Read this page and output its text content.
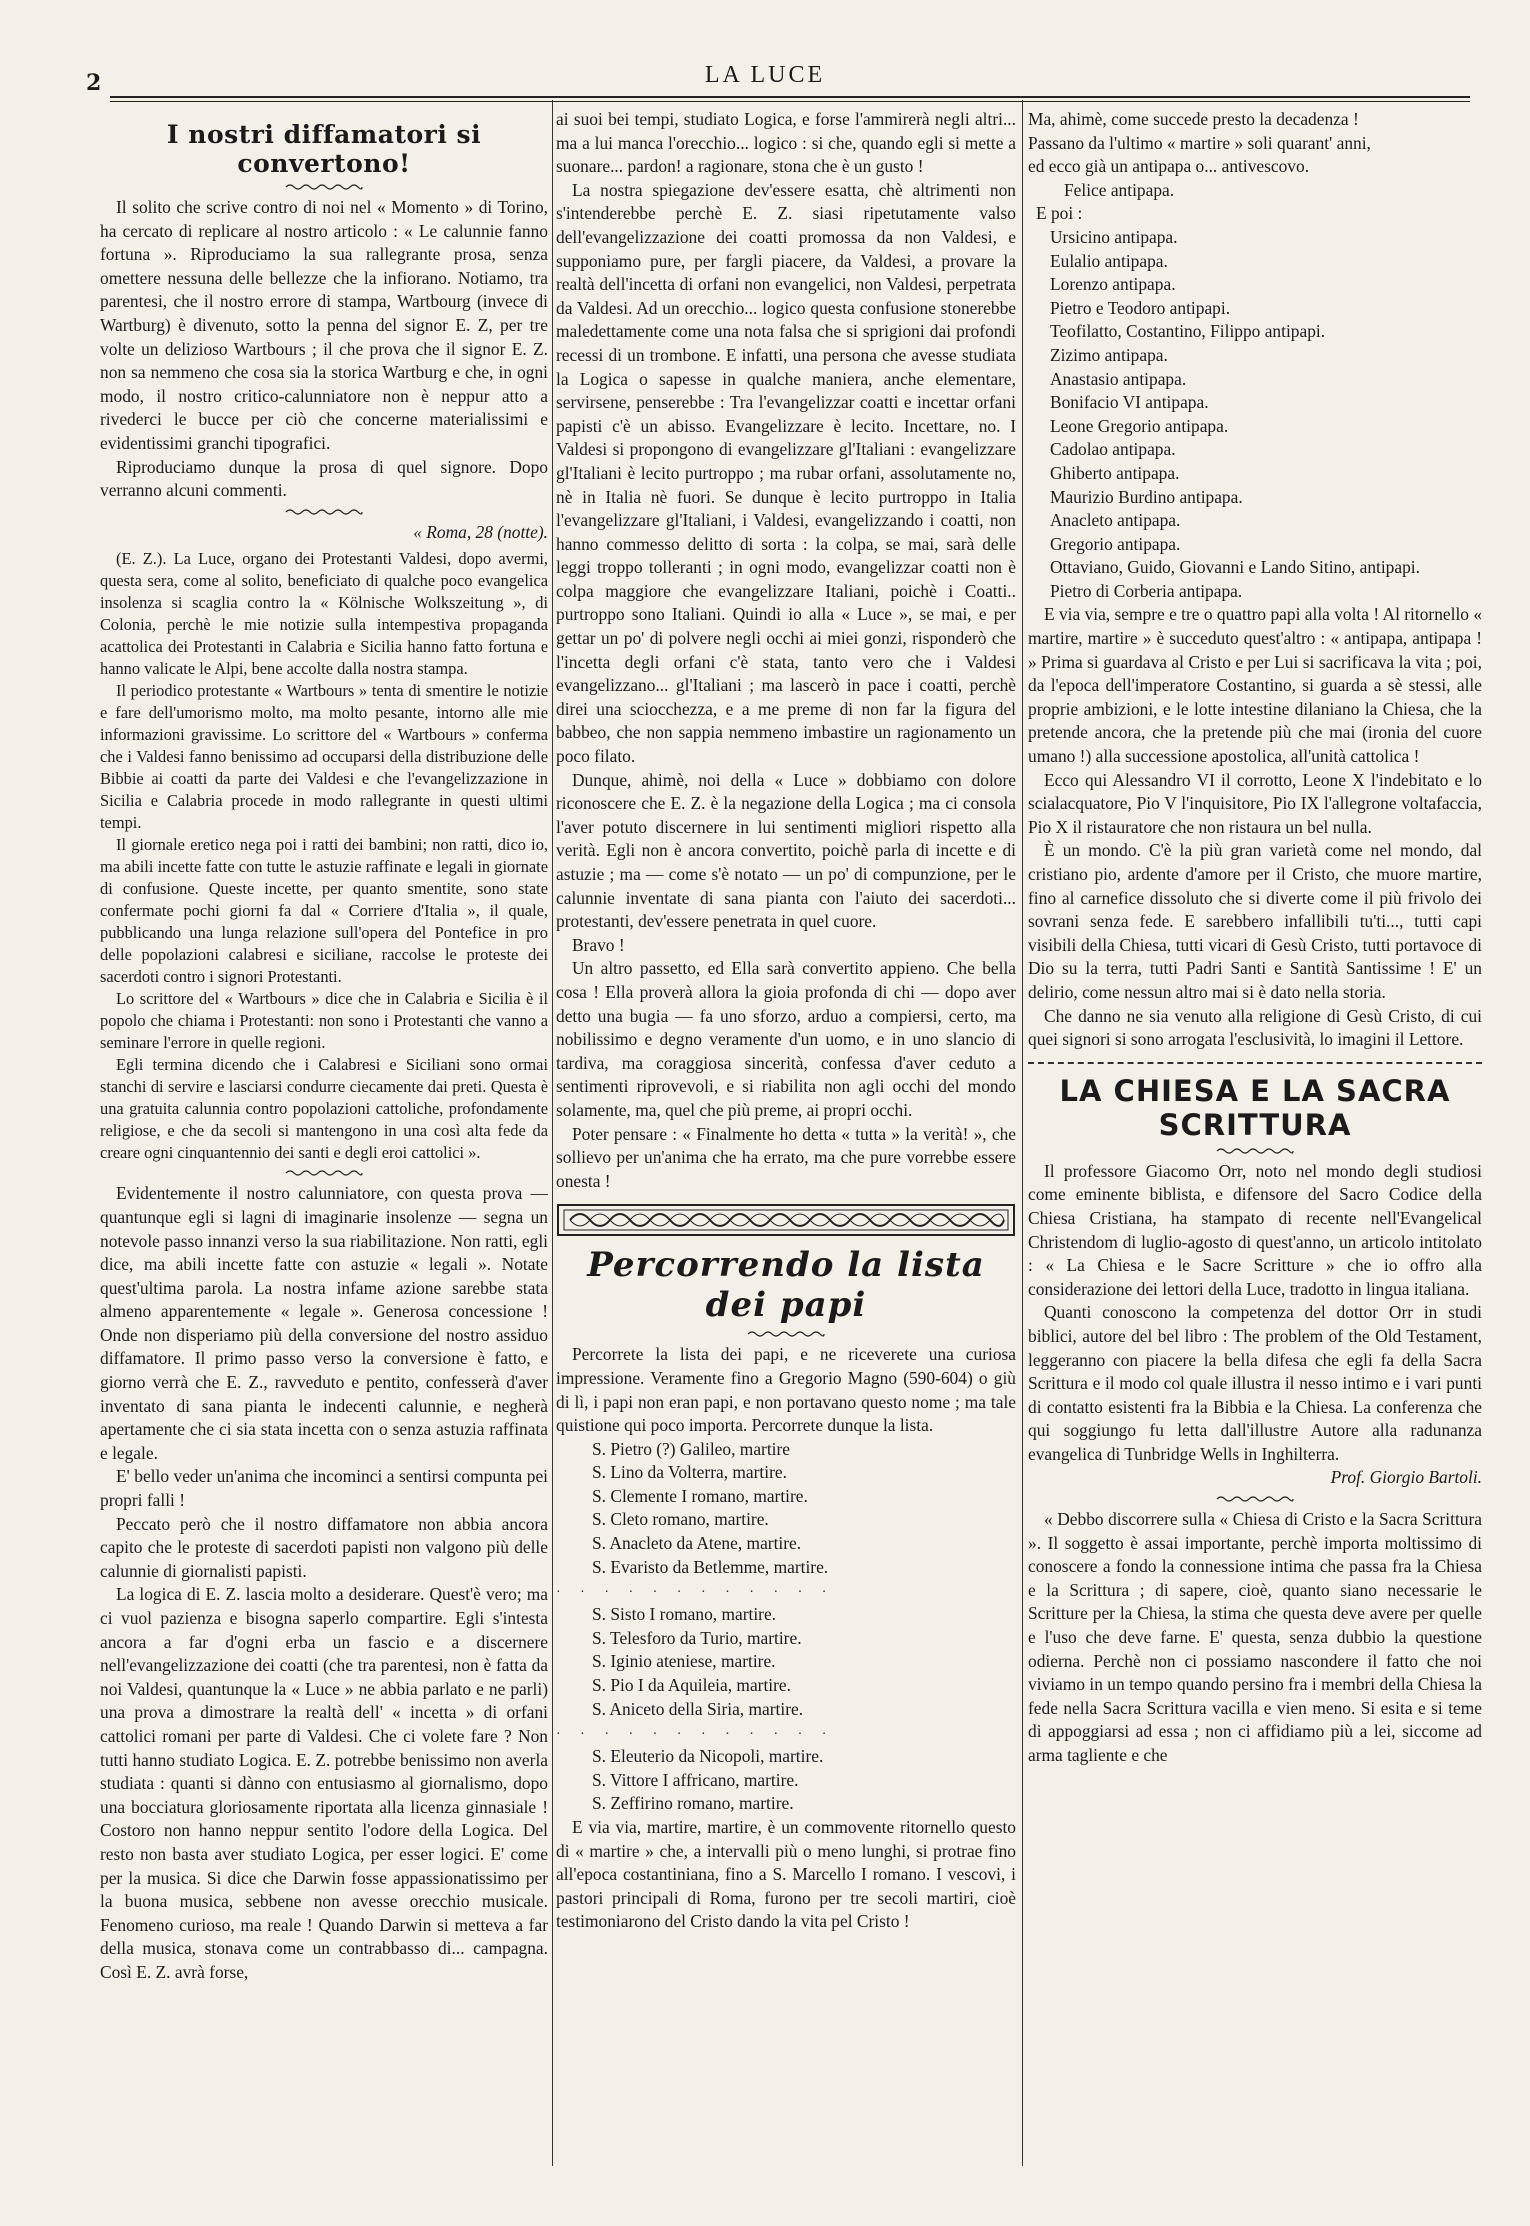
2	LA LUCE
I nostri diffamatori si convertono!

Il solito che scrive contro di noi nel « Momento » di Torino, ha cercato di replicare al nostro articolo : « Le calunnie fanno fortuna ». Riproduciamo la sua rallegrante prosa, senza omettere nessuna delle bellezze che la infiorano. Notiamo, tra parentesi, che il nostro errore di stampa, Wartbourg (invece di Wartburg) è divenuto, sotto la penna del signor E. Z, per tre volte un delizioso Wartbours ; il che prova che il signor E. Z. non sa nemmeno che cosa sia la storica Wartburg e che, in ogni modo, il nostro critico-calunniatore non è neppur atto a rivederci le bucce per ciò che concerne materialissimi e evidentissimi granchi tipografici.

Riproduciamo dunque la prosa di quel signore. Dopo verranno alcuni commenti.

« Roma, 28 (notte).

(E. Z.). La Luce, organo dei Protestanti Valdesi, dopo avermi, questa sera, come al solito, beneficiato di qualche poco evangelica insolenza si scaglia contro la « Kölnische Wolkszeitung », di Colonia, perchè le mie notizie sulla intempestiva propaganda acattolica dei Protestanti in Calabria e Sicilia hanno fatto fortuna e hanno valicate le Alpi, bene accolte dalla nostra stampa.

Il periodico protestante « Wartbours » tenta di smentire le notizie e fare dell'umorismo molto, ma molto pesante, intorno alle mie informazioni gravissime. Lo scrittore del « Wartbours » conferma che i Valdesi fanno benissimo ad occuparsi della distribuzione delle Bibbie ai coatti da parte dei Valdesi e che l'evangelizzazione in Sicilia e Calabria procede in modo rallegrante in questi ultimi tempi.

Il giornale eretico nega poi i ratti dei bambini; non ratti, dico io, ma abili incette fatte con tutte le astuzie raffinate e legali in giornate di confusione. Queste incette, per quanto smentite, sono state confermate pochi giorni fa dal « Corriere d'Italia », il quale, pubblicando una lunga relazione sull'opera del Pontefice in pro delle popolazioni calabresi e siciliane, raccolse le proteste dei sacerdoti contro i signori Protestanti.

Lo scrittore del « Wartbours » dice che in Calabria e Sicilia è il popolo che chiama i Protestanti: non sono i Protestanti che vanno a seminare l'errore in quelle regioni.

Egli termina dicendo che i Calabresi e Siciliani sono ormai stanchi di servire e lasciarsi condurre ciecamente dai preti. Questa è una gratuita calunnia contro popolazioni cattoliche, profondamente religiose, e che da secoli si mantengono in una così alta fede da creare ogni cinquantennio dei santi e degli eroi cattolici ».

Evidentemente il nostro calunniatore, con questa prova — quantunque egli si lagni di imaginarie insolenze — segna un notevole passo innanzi verso la sua riabilitazione. Non ratti, egli dice, ma abili incette fatte con astuzie « legali ». Notate quest'ultima parola. La nostra infame azione sarebbe stata almeno apparentemente « legale ». Generosa concessione ! Onde non disperiamo più della conversione del nostro assiduo diffamatore. Il primo passo verso la conversione è fatto, e giorno verrà che E. Z., ravveduto e pentito, confesserà d'aver inventato di sana pianta le indecenti calunnie, e negherà apertamente che ci sia stata incetta con o senza astuzia raffinata e legale.

E' bello veder un'anima che incominci a sentirsi compunta pei propri falli !

Peccato però che il nostro diffamatore non abbia ancora capito che le proteste di sacerdoti papisti non valgono più delle calunnie di giornalisti papisti.

La logica di E. Z. lascia molto a desiderare. Quest'è vero; ma ci vuol pazienza e bisogna saperlo compartire. Egli s'intesta ancora a far d'ogni erba un fascio e a discernere nell'evangelizzazione dei coatti (che tra parentesi, non è fatta da noi Valdesi, quantunque la « Luce » ne abbia parlato e ne parli) una prova a dimostrare la realtà dell' « incetta » di orfani cattolici romani per parte di Valdesi. Che ci volete fare ? Non tutti hanno studiato Logica. E. Z. potrebbe benissimo non averla studiata : quanti si dànno con entusiasmo al giornalismo, dopo una bocciatura gloriosamente riportata alla licenza ginnasiale ! Costoro non hanno neppur sentito l'odore della Logica. Del resto non basta aver studiato Logica, per esser logici. E' come per la musica. Si dice che Darwin fosse appassionatissimo per la buona musica, sebbene non avesse orecchio musicale. Fenomeno curioso, ma reale ! Quando Darwin si metteva a far della musica, stonava come un contrabbasso di... campagna. Così E. Z. avrà forse,

ai suoi bei tempi, studiato Logica, e forse l'ammirerà negli altri... ma a lui manca l'orecchio... logico : si che, quando egli si mette a suonare... pardon! a ragionare, stona che è un gusto !

La nostra spiegazione dev'essere esatta, chè altrimenti non s'intenderebbe perchè E. Z. siasi ripetutamente valso dell'evangelizzazione dei coatti promossa da non Valdesi, e supponiamo pure, per fargli piacere, da Valdesi, a provare la realtà dell'incetta di orfani non evangelici, non Valdesi, perpetrata da Valdesi. Ad un orecchio... logico questa confusione stonerebbe maledettamente come una nota falsa che si sprigioni dai profondi recessi di un trombone. E infatti, una persona che avesse studiata la Logica o sapesse in qualche maniera, anche elementare, servirsene, penserebbe : Tra l'evangelizzar coatti e incettar orfani papisti c'è un abisso. Evangelizzare è lecito. Incettare, no. I Valdesi si propongono di evangelizzare gl'Italiani : evangelizzare gl'Italiani è lecito purtroppo ; ma rubar orfani, assolutamente no, nè in Italia nè fuori. Se dunque è lecito purtroppo in Italia l'evangelizzare gl'Italiani, i Valdesi, evangelizzando i coatti, non hanno commesso delitto di sorta : la colpa, se mai, sarà delle leggi troppo tolleranti ; in ogni modo, evangelizzar coatti non è colpa maggiore che evangelizzare Italiani, poichè i Coatti.. purtroppo sono Italiani. Quindi io alla « Luce », se mai, e per gettar un po' di polvere negli occhi ai miei gonzi, risponderò che l'incetta degli orfani c'è stata, tanto vero che i Valdesi evangelizzano... gl'Italiani ; ma lascerò in pace i coatti, perchè direi una sciocchezza, e a me preme di non far la figura del babbeo, che non sappia nemmeno imbastire un ragionamento un poco filato.

Dunque, ahimè, noi della « Luce » dobbiamo con dolore riconoscere che E. Z. è la negazione della Logica ; ma ci consola l'aver potuto discernere in lui sentimenti migliori rispetto alla verità. Egli non è ancora convertito, poichè parla di incette e di astuzie ; ma — come s'è notato — un po' di compunzione, per le calunnie inventate di sana pianta con l'aiuto dei sacerdoti... protestanti, dev'essere penetrata in quel cuore.

Bravo !

Un altro passetto, ed Ella sarà convertito appieno. Che bella cosa ! Ella proverà allora la gioia profonda di chi — dopo aver detto una bugia — fa uno sforzo, arduo a compiersi, certo, ma nobilissimo e degno veramente d'un uomo, e in uno slancio di tardiva, ma coraggiosa sincerità, confessa d'aver ceduto a sentimenti riprovevoli, e si riabilita non agli occhi del mondo solamente, ma, quel che più preme, ai propri occhi.

Poter pensare : « Finalmente ho detta « tutta » la verità! », che sollievo per un'anima che ha errato, ma che pure vorrebbe essere onesta !

Percorrendo la lista dei papi

Percorrete la lista dei papi, e ne riceverete una curiosa impressione. Veramente fino a Gregorio Magno (590-604) o giù di lì, i papi non eran papi, e non portavano questo nome ; ma tale quistione qui poco importa. Percorrete dunque la lista.

S. Pietro (?) Galileo, martire
S. Lino da Volterra, martire.
S. Clemente I romano, martire.
S. Cleto romano, martire.
S. Anacleto da Atene, martire.
S. Evaristo da Betlemme, martire.
· · · · · · · · · · · ·
S. Sisto I romano, martire.
S. Telesforo da Turio, martire.
S. Iginio ateniese, martire.
S. Pio I da Aquileia, martire.
S. Aniceto della Siria, martire.
· · · · · · · · · · · ·
S. Eleuterio da Nicopoli, martire.
S. Vittore I affricano, martire.
S. Zeffirino romano, martire.

E via via, martire, martire, è un commovente ritornello questo di « martire » che, a intervalli più o meno lunghi, si protrae fino all'epoca costantiniana, fino a S. Marcello I romano. I vescovi, i pastori principali di Roma, furono per tre secoli martiri, cioè testimoniarono del Cristo dando la vita pel Cristo !

Ma, ahimè, come succede presto la decadenza !

Passano da l'ultimo « martire » soli quarant' anni,

ed ecco già un antipapa o... antivescovo.

Felice antipapa.

E poi :

Ursicino antipapa.
Eulalio antipapa.
Lorenzo antipapa.
Pietro e Teodoro antipapi.
Teofilatto, Costantino, Filippo antipapi.
Zizimo antipapa.
Anastasio antipapa.
Bonifacio VI antipapa.
Leone Gregorio antipapa.
Cadolao antipapa.
Ghiberto antipapa.
Maurizio Burdino antipapa.
Anacleto antipapa.
Gregorio antipapa.
Ottaviano, Guido, Giovanni e Lando Sitino, antipapi.
Pietro di Corberia antipapa.

E via via, sempre e tre o quattro papi alla volta ! Al ritornello « martire, martire » è succeduto quest'altro : « antipapa, antipapa ! » Prima si guardava al Cristo e per Lui si sacrificava la vita ; poi, da l'epoca dell'imperatore Costantino, si guarda a sè stessi, alle proprie ambizioni, e le lotte intestine dilaniano la Chiesa, che la pretende ancora, che la pretende più che mai (ironia del cuore umano !) alla successione apostolica, all'unità cattolica !

Ecco qui Alessandro VI il corrotto, Leone X l'indebitato e lo scialacquatore, Pio V l'inquisitore, Pio IX l'allegrone voltafaccia, Pio X il ristauratore che non ristaura un bel nulla.

È un mondo. C'è la più gran varietà come nel mondo, dal cristiano pio, ardente d'amore per il Cristo, che muore martire, fino al carnefice dissoluto che si diverte come il più frivolo dei sovrani senza fede. E sarebbero infallibili tu'ti..., tutti capi visibili della Chiesa, tutti vicari di Gesù Cristo, tutti portavoce di Dio su la terra, tutti Padri Santi e Santità Santissime ! E' un delirio, come nessun altro mai si è dato nella storia.

Che danno ne sia venuto alla religione di Gesù Cristo, di cui quei signori si sono arrogata l'esclusività, lo imagini il Lettore.

LA CHIESA E LA SACRA SCRITTURA

Il professore Giacomo Orr, noto nel mondo degli studiosi come eminente biblista, e difensore del Sacro Codice della Chiesa Cristiana, ha stampato di recente nell'Evangelical Christendom di luglio-agosto di quest'anno, un articolo intitolato : « La Chiesa e le Sacre Scritture » che io offro alla considerazione dei lettori della Luce, tradotto in lingua italiana.

Quanti conoscono la competenza del dottor Orr in studi biblici, autore del bel libro : The problem of the Old Testament, leggeranno con piacere la bella difesa che egli fa della Sacra Scrittura e il modo col quale illustra il nesso intimo e i vari punti di contatto esistenti fra la Bibbia e la Chiesa. La conferenza che qui soggiungo fu letta dall'illustre Autore alla radunanza evangelica di Tunbridge Wells in Inghilterra.

Prof. Giorgio Bartoli.

« Debbo discorrere sulla « Chiesa di Cristo e la Sacra Scrittura ». Il soggetto è assai importante, perchè importa moltissimo di conoscere a fondo la connessione intima che passa fra la Chiesa e la Scrittura ; di sapere, cioè, quanto siano necessarie le Scritture per la Chiesa, la stima che questa deve avere per quelle e l'uso che deve farne. E' questa, senza dubbio la questione odierna. Perchè non ci possiamo nascondere il fatto che noi viviamo in un tempo quando persino fra i membri della Chiesa la fede nella Sacra Scrittura vacilla e vien meno. Si esita e si teme di appoggiarsi ad essa ; non ci affidiamo più a lei, siccome ad arma tagliente e che
